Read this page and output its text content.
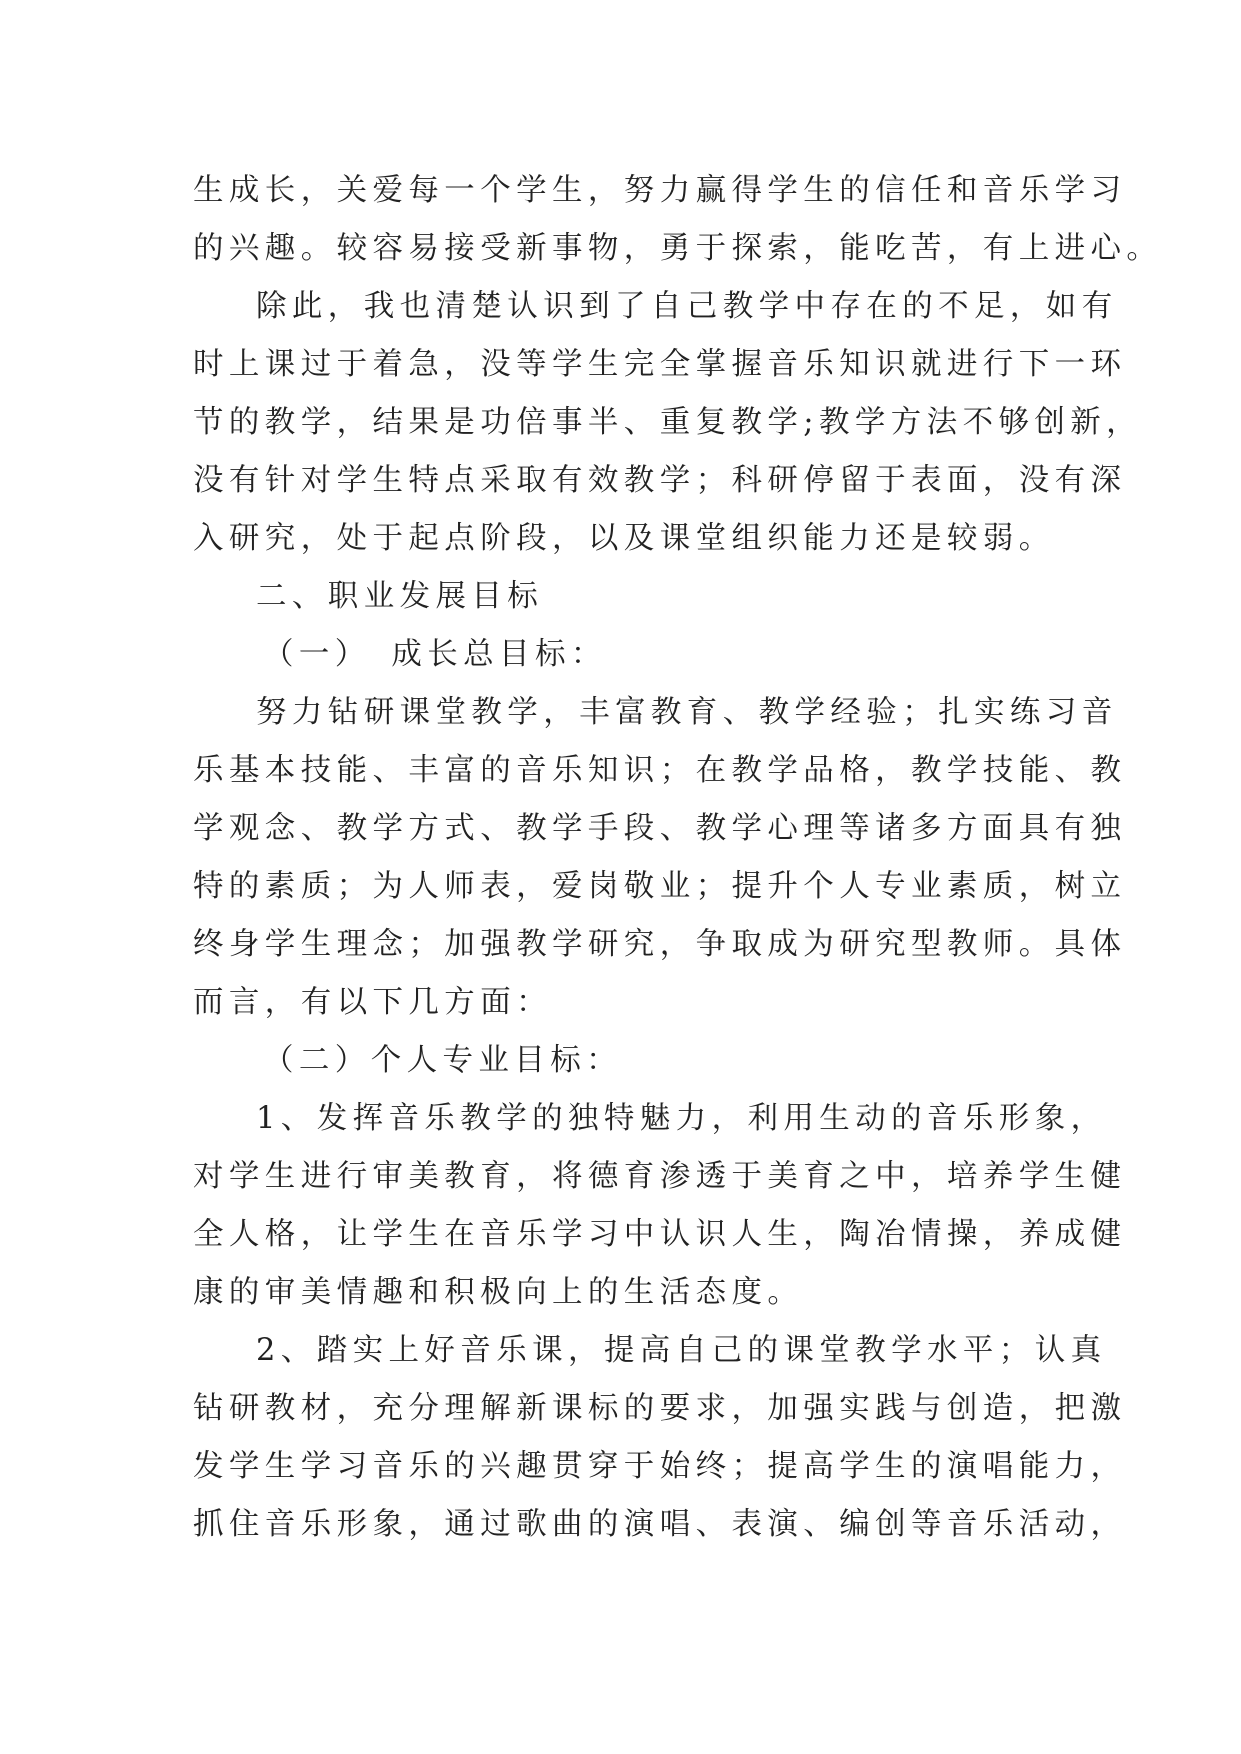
生成长，关爱每一个学生，努力赢得学生的信任和音乐学习
的兴趣。较容易接受新事物，勇于探索，能吃苦，有上进心。
除此，我也清楚认识到了自己教学中存在的不足，如有
时上课过于着急，没等学生完全掌握音乐知识就进行下一环
节的教学，结果是功倍事半、重复教学;教学方法不够创新，
没有针对学生特点采取有效教学；科研停留于表面，没有深
入研究，处于起点阶段，以及课堂组织能力还是较弱。
二、职业发展目标
（一）　成长总目标：
努力钻研课堂教学，丰富教育、教学经验；扎实练习音
乐基本技能、丰富的音乐知识；在教学品格，教学技能、教
学观念、教学方式、教学手段、教学心理等诸多方面具有独
特的素质；为人师表，爱岗敬业；提升个人专业素质，树立
终身学生理念；加强教学研究，争取成为研究型教师。具体
而言，有以下几方面：
（二）个人专业目标：
1、发挥音乐教学的独特魅力，利用生动的音乐形象，
对学生进行审美教育，将德育渗透于美育之中，培养学生健
全人格，让学生在音乐学习中认识人生，陶冶情操，养成健
康的审美情趣和积极向上的生活态度。
2、踏实上好音乐课，提高自己的课堂教学水平；认真
钻研教材，充分理解新课标的要求，加强实践与创造，把激
发学生学习音乐的兴趣贯穿于始终；提高学生的演唱能力，
抓住音乐形象，通过歌曲的演唱、表演、编创等音乐活动，
